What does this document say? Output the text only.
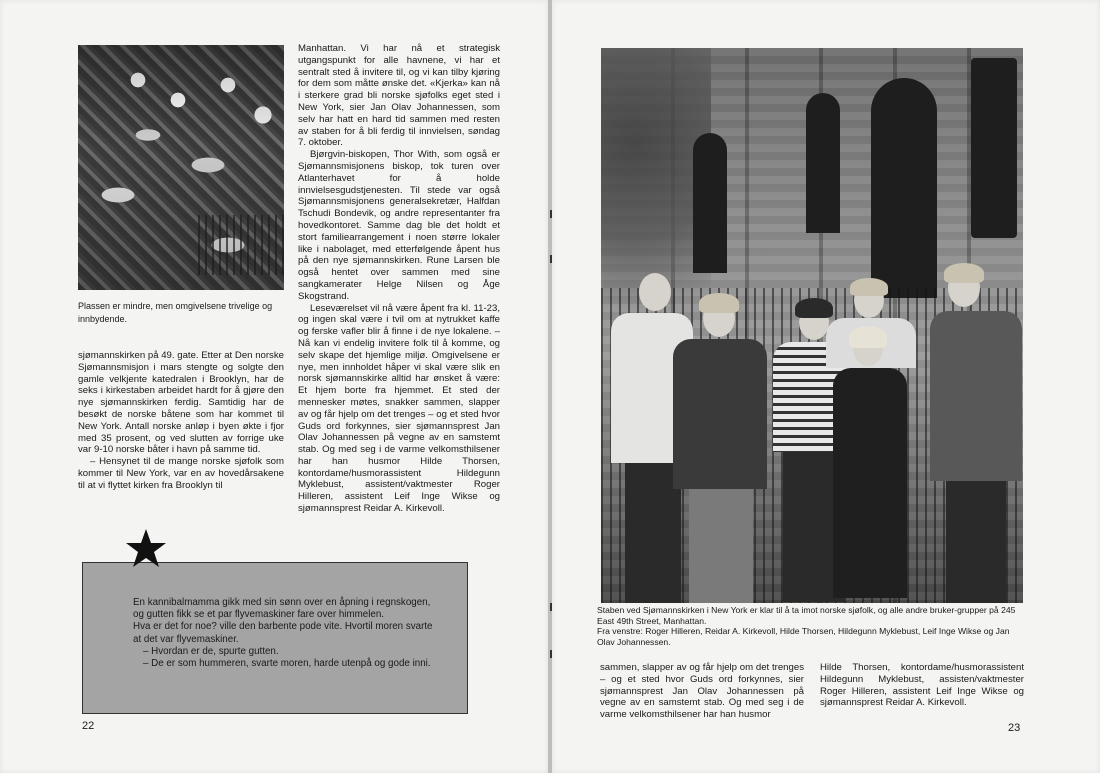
Plassen er mindre, men omgivelsene trivelige og innbydende.

sjømannskirken på 49. gate. Etter at Den norske Sjømannsmisjon i mars stengte og solgte den gamle velkjente katedralen i Brooklyn, har de seks i kirkestaben arbeidet hardt for å gjøre den nye sjømannskirken ferdig. Samtidig har de besøkt de norske båtene som har kommet til New York. Antall norske anløp i byen økte i fjor med 35 prosent, og ved slutten av forrige uke var 9-10 norske båter i havn på samme tid.

– Hensynet til de mange norske sjøfolk som kommer til New York, var en av hovedårsakene til at vi flyttet kirken fra Brooklyn til

Manhattan. Vi har nå et strategisk utgangspunkt for alle havnene, vi har et sentralt sted å invitere til, og vi kan tilby kjøring for dem som måtte ønske det. «Kjerka» kan nå i sterkere grad bli norske sjøfolks eget sted i New York, sier Jan Olav Johannessen, som selv har hatt en hard tid sammen med resten av staben for å bli ferdig til innvielsen, søndag 7. oktober.

Bjørgvin-biskopen, Thor With, som også er Sjømannsmisjonens biskop, tok turen over Atlanterhavet for å holde innvielsesgudstjenesten. Til stede var også Sjømannsmisjonens generalsekretær, Halfdan Tschudi Bondevik, og andre representanter fra hovedkontoret. Samme dag ble det holdt et stort familiearrangement i noen større lokaler like i nabolaget, med etterfølgende åpent hus på den nye sjømannskirken. Rune Larsen ble også hentet over sammen med sine sangkamerater Helge Nilsen og Åge Skogstrand.

Leseværelset vil nå være åpent fra kl. 11-23, og ingen skal være i tvil om at nytrukket kaffe og ferske vafler blir å finne i de nye lokalene. – Nå kan vi endelig invitere folk til å komme, og selv skape det hjemlige miljø. Omgivelsene er nye, men innholdet håper vi skal være slik en norsk sjømannskirke alltid har ønsket å være: Et hjem borte fra hjemmet. Et sted der mennesker møtes, snakker sammen, slapper av og får hjelp om det trenges – og et sted hvor Guds ord forkynnes, sier sjømannsprest Jan Olav Johannessen på vegne av en samstemt stab. Og med seg i de varme velkomsthilsener har han husmor Hilde Thorsen, kontordame/husmorassistent Hildegunn Myklebust, assistent/vaktmester Roger Hilleren, assistent Leif Inge Wikse og sjømannsprest Reidar A. Kirkevoll.

En kannibalmamma gikk med sin sønn over en åpning i regnskogen,
og gutten fikk se et par flyvemaskiner fare over himmelen.
Hva er det for noe? ville den barbente pode vite. Hvortil moren svarte
at det var flyvemaskiner.
– Hvordan er de, spurte gutten.
– De er som hummeren, svarte moren, harde utenpå og gode inni.
22
Staben ved Sjømannskirken i New York er klar til å ta imot norske sjøfolk, og alle andre bruker-grupper på 245 East 49th Street, Manhattan.
Fra venstre: Roger Hilleren, Reidar A. Kirkevoll, Hilde Thorsen, Hildegunn Myklebust, Leif Inge Wikse og Jan Olav Johannessen.

sammen, slapper av og får hjelp om det trenges – og et sted hvor Guds ord forkynnes, sier sjømannsprest Jan Olav Johannessen på vegne av en samstemt stab. Og med seg i de varme velkomsthilsener har han husmor

Hilde Thorsen, kontordame/husmorassistent Hildegunn Myklebust, assisten/vaktmester Roger Hilleren, assistent Leif Inge Wikse og sjømannsprest Reidar A. Kirkevoll.

23
